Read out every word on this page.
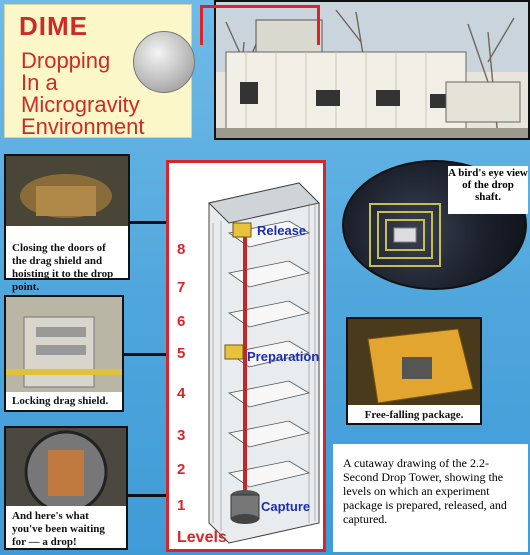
DIME
Dropping
In a
Microgravity
Environment
Closing the doors of the drag shield and hoisting it to the drop point.
Locking drag shield.
And here's what you've been waiting for — a drop!
8
7
6
5
4
3
2
1
Release
Preparation
Capture
Levels
A bird's eye view of the drop shaft.
Free-falling package.
A cutaway drawing of the 2.2-Second Drop Tower, showing the levels on which an experiment package is prepared, released, and captured.
